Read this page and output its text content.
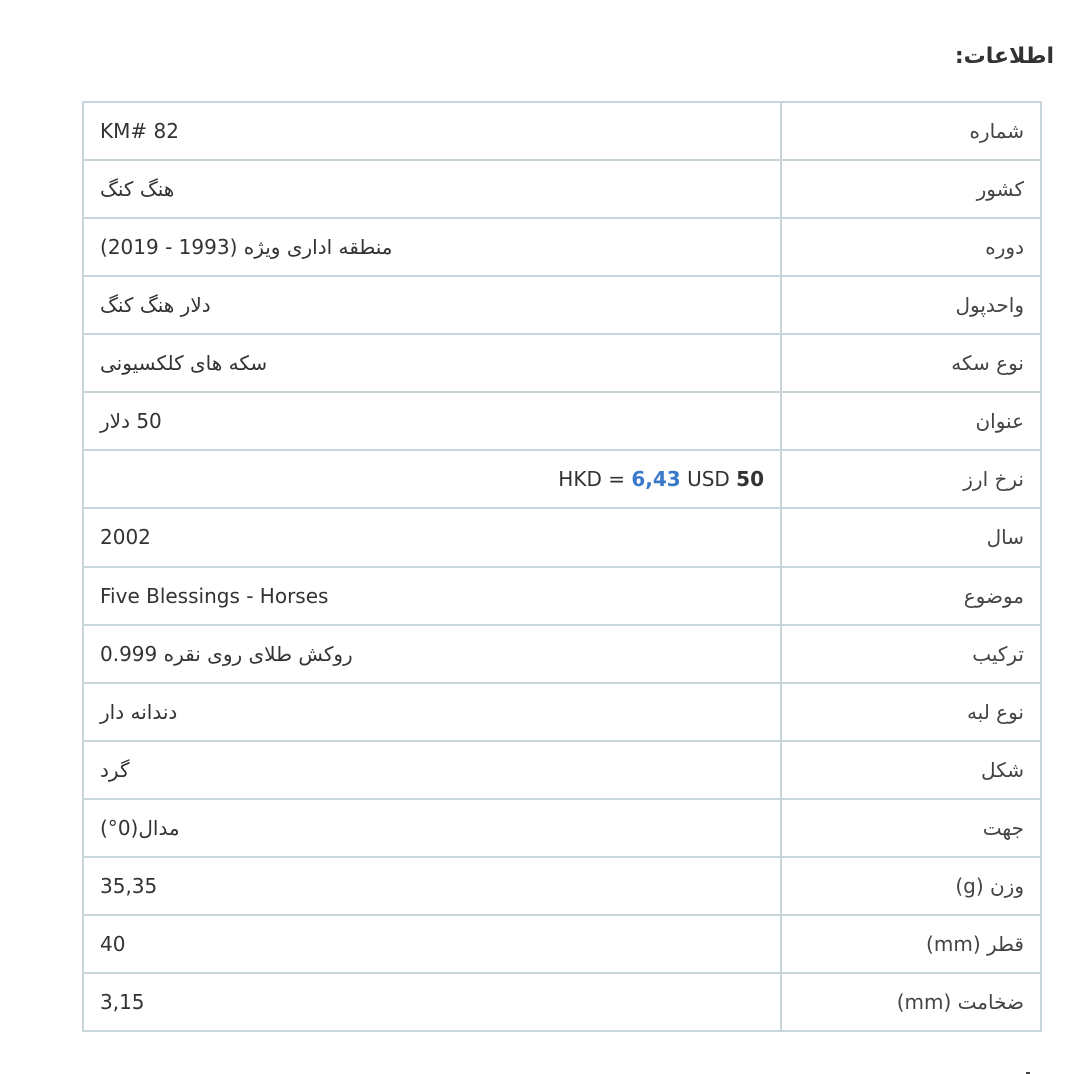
اطلاعات:
KM# 82	شماره
هنگ کنگ	کشور
منطقه اداری ویژه (1993 - 2019)	دوره
دلار هنگ کنگ	واحدپول
سکه های کلکسیونی	نوع سکه
50 دلار	عنوان
HKD = 6,43 USD 50	نرخ ارز
2002	سال
Five Blessings - Horses	موضوع
روکش طلای روی نقره 0.999	ترکیب
دندانه دار	نوع لبه
گرد	شکل
مدال(0°)	جهت
35,35	وزن (g)
40	قطر (mm)
3,15	ضخامت (mm)
